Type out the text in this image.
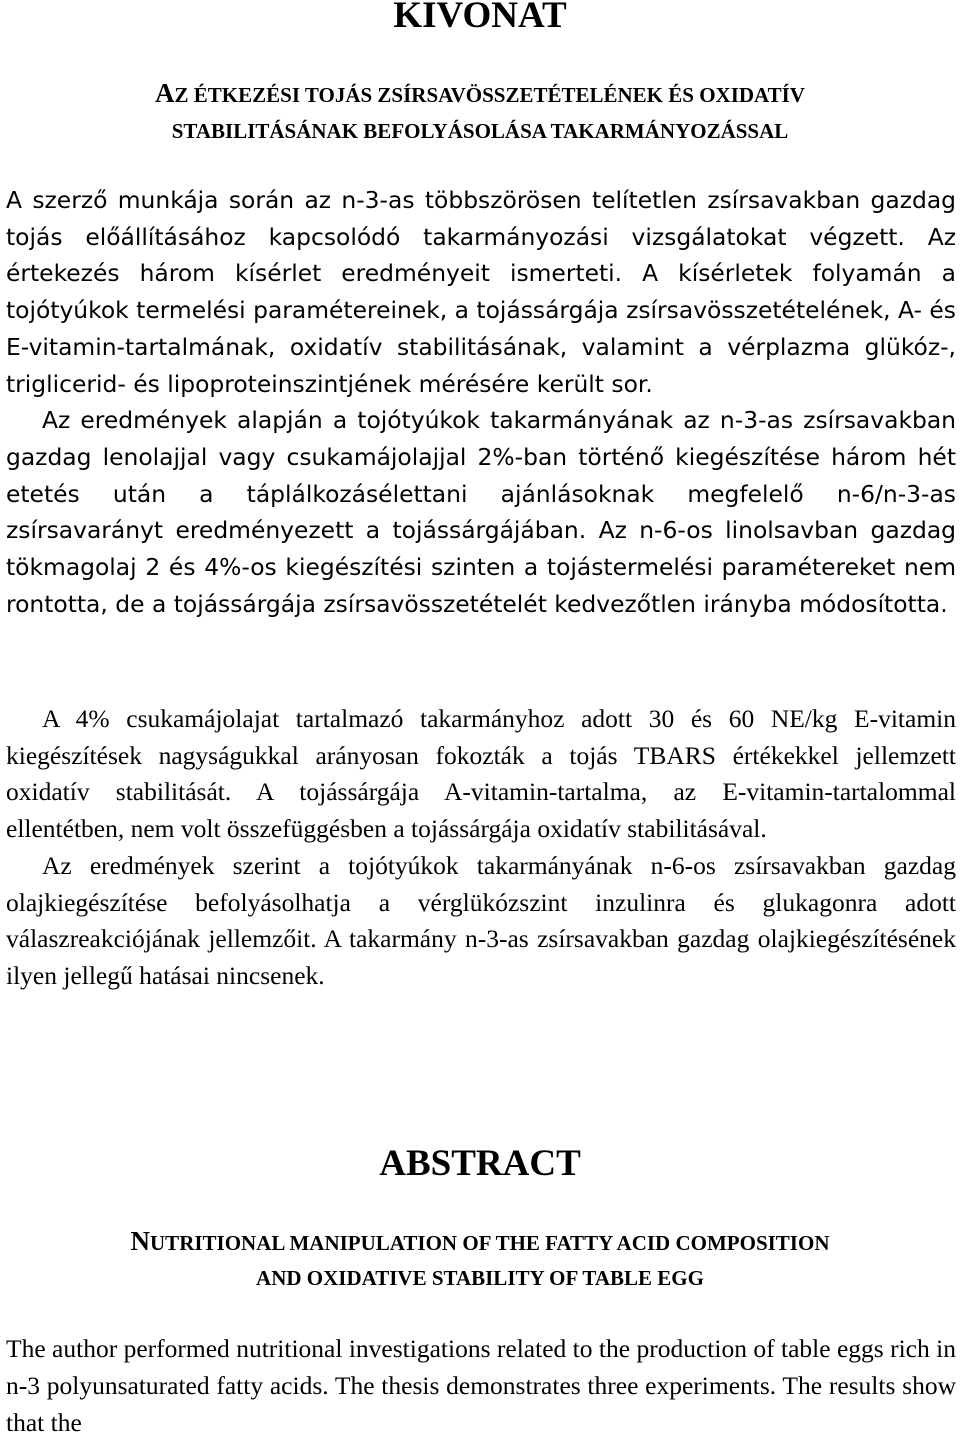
KIVONAT
AZ ÉTKEZÉSI TOJÁS ZSÍRSAVÖSSZETÉTELÉNEK ÉS OXIDATÍV
STABILITÁSÁNAK BEFOLYÁSOLÁSA TAKARMÁNYOZÁSSAL

A szerző munkája során az n-3-as többszörösen telítetlen zsírsavakban gazdag tojás előállításához kapcsolódó takarmányozási vizsgálatokat végzett. Az értekezés három kísérlet eredményeit ismerteti. A kísérletek folyamán a tojótyúkok termelési paramétereinek, a tojássárgája zsírsavösszetételének, A- és E-vitamin-tartalmának, oxidatív stabilitásának, valamint a vérplazma glükóz-, triglicerid- és lipoproteinszintjének mérésére került sor.

Az eredmények alapján a tojótyúkok takarmányának az n-3-as zsírsavakban gazdag lenolajjal vagy csukamájolajjal 2%-ban történő kiegészítése három hét etetés után a táplálkozásélettani ajánlásoknak megfelelő n-6/n-3-as zsírsavarányt eredményezett a tojássárgájában. Az n-6-os linolsavban gazdag tökmagolaj 2 és 4%-os kiegészítési szinten a tojástermelési paramétereket nem rontotta, de a tojássárgája zsírsavösszetételét kedvezőtlen irányba módosította.

A 4% csukamájolajat tartalmazó takarmányhoz adott 30 és 60 NE/kg E-vitamin kiegészítések nagyságukkal arányosan fokozták a tojás TBARS értékekkel jellemzett oxidatív stabilitását. A tojássárgája A-vitamin-tartalma, az E-vitamin-tartalommal ellentétben, nem volt összefüggésben a tojássárgája oxidatív stabilitásával.

Az eredmények szerint a tojótyúkok takarmányának n-6-os zsírsavakban gazdag olajkiegészítése befolyásolhatja a vérglükózszint inzulinra és glukagonra adott válaszreakciójának jellemzőit. A takarmány n-3-as zsírsavakban gazdag olajkiegészítésének ilyen jellegű hatásai nincsenek.

ABSTRACT
NUTRITIONAL MANIPULATION OF THE FATTY ACID COMPOSITION
AND OXIDATIVE STABILITY OF TABLE EGG

The author performed nutritional investigations related to the production of table eggs rich in n-3 polyunsaturated fatty acids. The thesis demonstrates three experiments. The results show that the
